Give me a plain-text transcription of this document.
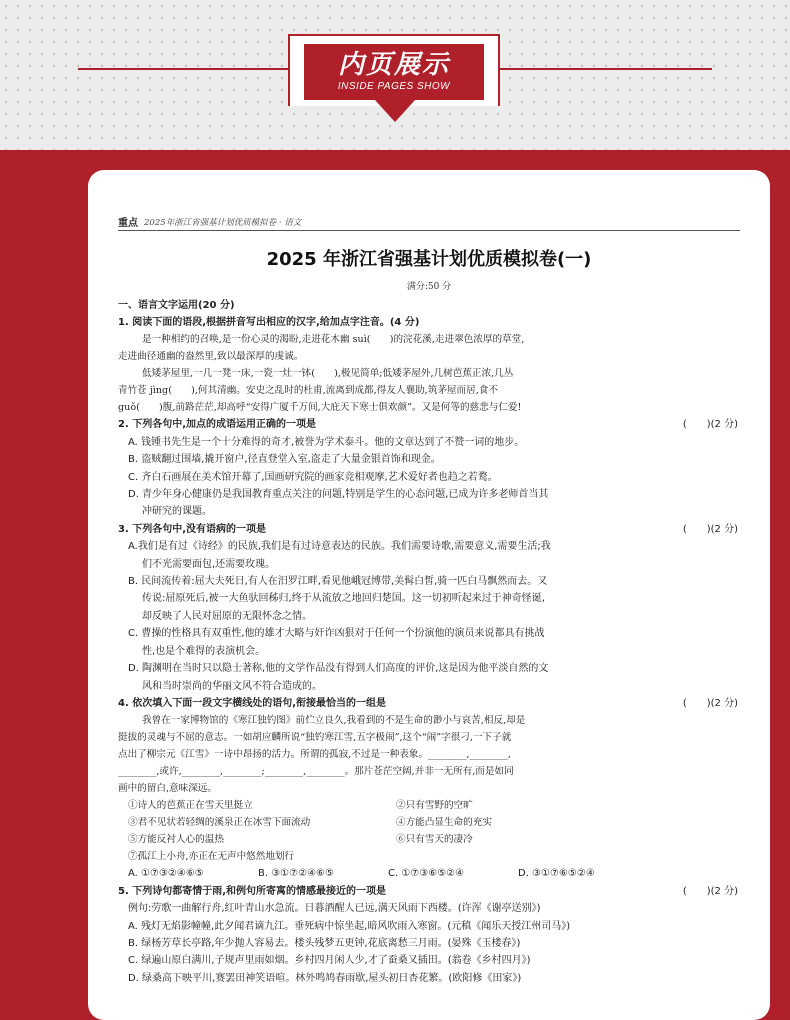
内页展示
INSIDE PAGES SHOW
重点 2025年浙江省强基计划优质模拟卷 · 语文
2025 年浙江省强基计划优质模拟卷(一)
满分:50 分
一、语言文字运用(20 分)
1. 阅读下面的语段,根据拼音写出相应的汉字,给加点字注音。(4 分)
是一种相约的召唤,是一份心灵的渴盼,走进花木幽 suì(　　)的浣花溪,走进翠色浓厚的草堂,
走进曲径通幽的盎然里,致以最深厚的虔诚。
低矮茅屋里,一几一凳一床,一瓷一灶一钵(　　),极见简单;低矮茅屋外,几树芭蕉正浓,几丛
青竹苍 jìng(　　),何其清幽。安史之乱时的杜甫,流离到成都,得友人襄助,筑茅屋而居,食不
guǒ(　　)腹,前路茫茫,却高呼“安得广厦千万间,大庇天下寒士俱欢颜”。又是何等的慈悲与仁爱!
2. 下列各句中,加点的成语运用正确的一项是	(　　)(2 分)
A. 钱锺书先生是一个十分难得的奇才,被誉为学术泰斗。他的文章达到了不赞一词的地步。
B. 盗贼翻过围墙,撬开窗户,径直登堂入室,盗走了大量金银首饰和现金。
C. 齐白石画展在美术馆开幕了,国画研究院的画家竞相观摩,艺术爱好者也趋之若鹜。
D. 青少年身心健康仍是我国教育重点关注的问题,特别是学生的心态问题,已成为许多老师首当其
冲研究的课题。
3. 下列各句中,没有语病的一项是	(　　)(2 分)
A.我们是有过《诗经》的民族,我们是有过诗意表达的民族。我们需要诗歌,需要意义,需要生活;我
们不光需要面包,还需要玫瑰。
B. 民间流传着:屈大夫死日,有人在汨罗江畔,看见他峨冠博带,美髯白皙,骑一匹白马飘然而去。又
传说:屈原死后,被一大鱼驮回秭归,终于从流放之地回归楚国。这一切初听起来过于神奇怪诞,
却反映了人民对屈原的无限怀念之情。
C. 曹操的性格具有双重性,他的雄才大略与奸诈凶狠对于任何一个扮演他的演员来说都具有挑战
性,也是个难得的表演机会。
D. 陶渊明在当时只以隐士著称,他的文学作品没有得到人们高度的评价,这是因为他平淡自然的文
风和当时崇尚的华丽文风不符合造成的。
4. 依次填入下面一段文字横线处的语句,衔接最恰当的一组是	(　　)(2 分)
我曾在一家博物馆的《寒江独钓图》前伫立良久,我看到的不是生命的渺小与哀苦,相反,却是
挺拔的灵魂与不屈的意志。一如胡应麟所说“独钓寒江雪,五字极闹”,这个“闹”字很刁,一下子就
点出了柳宗元《江雪》一诗中昂扬的活力。所谓的孤寂,不过是一种表象。________,________,
________,或许,________,________;________,________。那片苍茫空阔,并非一无所有,而是如同
画中的留白,意味深远。
①诗人的芭蕉正在雪天里挺立	②只有雪野的空旷
③君不见状若轻绸的溪泉正在冰雪下面流动	④方能凸显生命的充实
⑤方能反衬人心的温热	⑥只有雪天的凄冷
⑦孤江上小舟,亦正在无声中悠然地划行
A. ①⑦③②④⑥⑤	B. ③①⑦②④⑥⑤	C. ①⑦③⑥⑤②④	D. ③①⑦⑥⑤②④
5. 下列诗句都寄情于雨,和例句所寄寓的情感最接近的一项是	(　　)(2 分)
例句:劳歌一曲解行舟,红叶青山水急流。日暮酒醒人已远,满天风雨下西楼。(许浑《谢亭送别》)
A. 残灯无焰影幢幢,此夕闻君谪九江。垂死病中惊坐起,暗风吹雨入寒窗。(元稹《闻乐天授江州司马》)
B. 绿杨芳草长亭路,年少抛人容易去。楼头残梦五更钟,花底离愁三月雨。(晏殊《玉楼春》)
C. 绿遍山原白满川,子规声里雨如烟。乡村四月闲人少,才了蚕桑又插田。(翁卷《乡村四月》)
D. 绿桑高下映平川,赛罢田神笑语喧。林外鸣鸠春雨歇,屋头初日杏花繁。(欧阳修《田家》)
